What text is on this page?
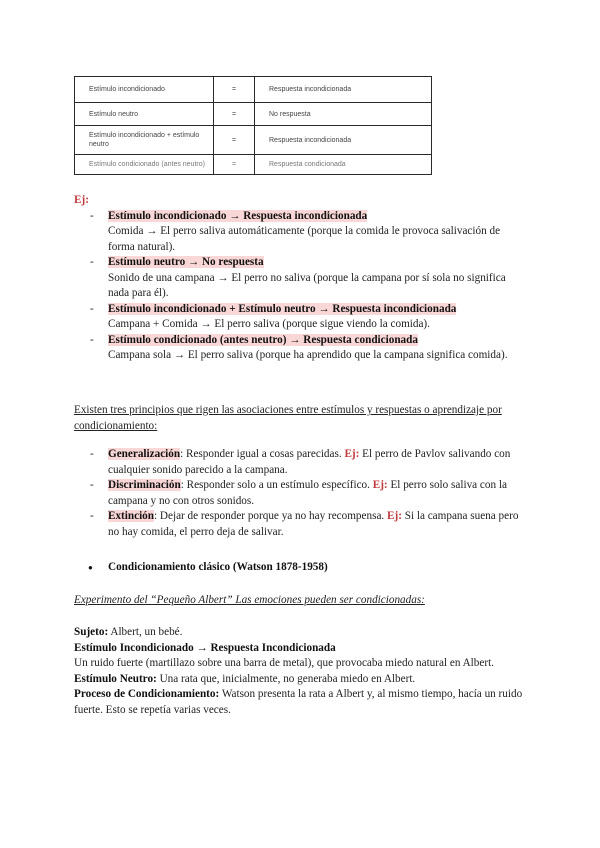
Estímulo incondicionado	=	Respuesta incondicionada
Estímulo neutro	=	No respuesta
Estímulo incondicionado + estímulo neutro	=	Respuesta incondicionada
Estímulo condicionado (antes neutro)	=	Respuesta condicionada
Ej:
- Estímulo incondicionado → Respuesta incondicionada
Comida → El perro saliva automáticamente (porque la comida le provoca salivación de forma natural).
- Estímulo neutro → No respuesta
Sonido de una campana → El perro no saliva (porque la campana por sí sola no significa nada para él).
- Estímulo incondicionado + Estímulo neutro → Respuesta incondicionada
Campana + Comida → El perro saliva (porque sigue viendo la comida).
- Estímulo condicionado (antes neutro) → Respuesta condicionada
Campana sola → El perro saliva (porque ha aprendido que la campana significa comida).
Existen tres principios que rigen las asociaciones entre estímulos y respuestas o aprendizaje por condicionamiento:
- Generalización: Responder igual a cosas parecidas. Ej: El perro de Pavlov salivando con cualquier sonido parecido a la campana.
- Discriminación: Responder solo a un estímulo específico. Ej: El perro solo saliva con la campana y no con otros sonidos.
- Extinción: Dejar de responder porque ya no hay recompensa. Ej: Si la campana suena pero no hay comida, el perro deja de salivar.
● Condicionamiento clásico (Watson 1878-1958)
Experimento del “Pequeño Albert” Las emociones pueden ser condicionadas:
Sujeto: Albert, un bebé.
Estímulo Incondicionado → Respuesta Incondicionada
Un ruido fuerte (martillazo sobre una barra de metal), que provocaba miedo natural en Albert.
Estímulo Neutro: Una rata que, inicialmente, no generaba miedo en Albert.
Proceso de Condicionamiento: Watson presenta la rata a Albert y, al mismo tiempo, hacía un ruido fuerte. Esto se repetía varias veces.
